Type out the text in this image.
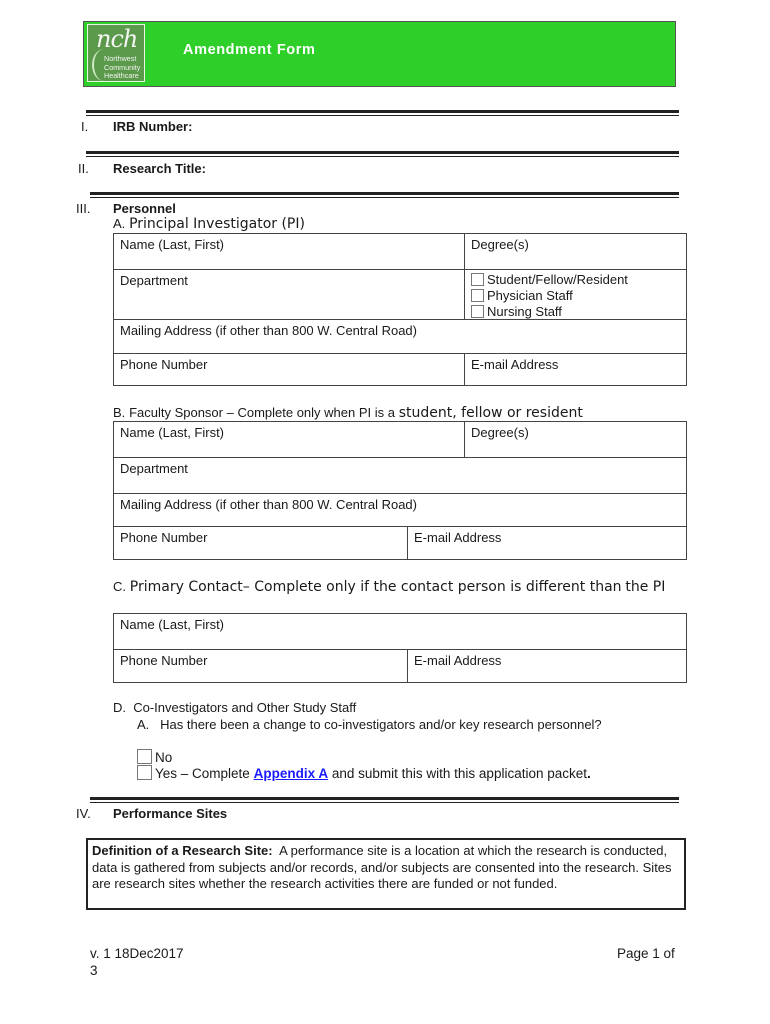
nch
Northwest
Community
Healthcare
Amendment Form
I. IRB Number:
II. Research Title:
III. Personnel
A. Principal Investigator (PI)
Name (Last, First)	Degree(s)
Department	Student/Fellow/Resident
Physician Staff
Nursing Staff
Mailing Address (if other than 800 W. Central Road)
Phone Number	E-mail Address
B. Faculty Sponsor – Complete only when PI is a student, fellow or resident
Name (Last, First)	Degree(s)
Department
Mailing Address (if other than 800 W. Central Road)
Phone Number	E-mail Address
C. Primary Contact– Complete only if the contact person is different than the PI
Name (Last, First)
Phone Number	E-mail Address
D.  Co-Investigators and Other Study Staff
A.   Has there been a change to co-investigators and/or key research personnel?
No
Yes – Complete Appendix A and submit this with this application packet.
IV. Performance Sites
Definition of a Research Site: A performance site is a location at which the research is conducted, data is gathered from subjects and/or records, and/or subjects are consented into the research. Sites are research sites whether the research activities there are funded or not funded.
v. 1 18Dec2017
3
Page 1 of
